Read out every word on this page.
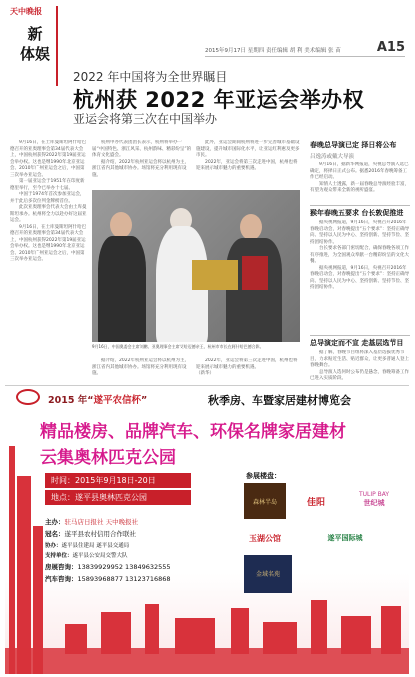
天中晚报
新
体娱	2015年9月17日 星期四 责任编辑 胡 利 美术编辑 张 苗	A15
2022 年中国将为全世界瞩目
杭州获 2022 年亚运会举办权
亚运会将第三次在中国举办

9月16日，在土库曼斯坦阿什哈巴德召开的亚奥理事会第34届代表大会上，中国杭州获得2022年第19届亚运会举办权。这也是继1990年北京亚运会、2010年广州亚运会之后，中国第三次举办亚运会。

第一届亚运会于1951年在印度新德里举行，至今已举办十七届。

中国于1974年首次参加亚运会，并于此后多次位列金牌榜首位。

此次亚奥理事会代表大会由土库曼斯坦承办。杭州将全力以赴办好这届亚运会。

9月16日，在土库曼斯坦阿什哈巴德召开的亚奥理事会第34届代表大会上，中国杭州获得2022年第19届亚运会举办权。这也是继1990年北京亚运会、2010年广州亚运会之后，中国第三次举办亚运会。

杭州申办代表团团长表示，杭州将举办一届“中国特色、浙江风采、杭州韵味、精彩纷呈”的体育文化盛会。

据介绍，2022年杭州亚运会将以杭州为主，浙江省内其他城市协办。场馆将充分利用现有设施。

此外，亚运会期间杭州将进一步完善城市基础设施建设，提升城市国际化水平，让亚运红利惠及更多市民。

2022年，亚运会将第三次走进中国，杭州也将迎来展示城市魅力的重要机遇。

9月16日，中国奥委会主席刘鹏、亚奥理事会主席艾哈迈德亲王、杭州市市长在阿什哈巴德合影。

据介绍，2022年杭州亚运会将以杭州为主，浙江省内其他城市协办。场馆将充分利用现有设施。

2022年，亚运会将第三次走进中国，杭州也将迎来展示城市魅力的重要机遇。

（新华）
春晚总导演已定 择日将公布
吕逸涛或戴大导演

9月16日，据新华网报道，央视总导演人选已确定，将择日正式公布。据悉2016年春晚筹备工作已经启动。

知情人士透露，新一届春晚总导演经验丰富，有望为观众带来全新的视听盛宴。

猴年春晚五要求 台长敦促推进

据央视网报道，9月16日，央视召开2016年春晚启动会，对春晚提出“五个要求”：坚持正确导向、坚持以人民为中心、坚持创新、坚持节俭、坚持团结协作。

台长要求各部门密切配合，确保春晚各项工作有序推进，为全国观众奉献一台精彩纷呈的文化大餐。

据央视网报道，9月16日，央视召开2016年春晚启动会，对春晚提出“五个要求”：坚持正确导向、坚持以人民为中心、坚持创新、坚持节俭、坚持团结协作。

总导演定而不宣 走基层选节目

据了解，春晚节目组将深入基层选拔优秀节目，力求贴近生活、贴近群众，让更多普通人登上春晚舞台。

总导演人选何时公布仍是悬念，春晚筹备工作已进入实质阶段。

2015 年“遂平农信杯”	秋季房、车暨家居建材博览会
精品楼房、品牌汽车、环保名牌家居建材
云集奥林匹克公园
时间：2015年9月18日-20日
地点：遂平县奥林匹克公园
参展楼盘：
森林半岛	佳阳
TULIP BAY
世纪城
玉湖公馆	遂平国际城
金域名苑
主办：驻马店日报社 天中晚报社
冠名：遂平县农村信用合作联社
协办：遂平县住建局 遂平县交通局
支持单位：遂平县公安局交警大队
房展咨询：13839929952 13849632555
汽车咨询：15893968877 13123716868
